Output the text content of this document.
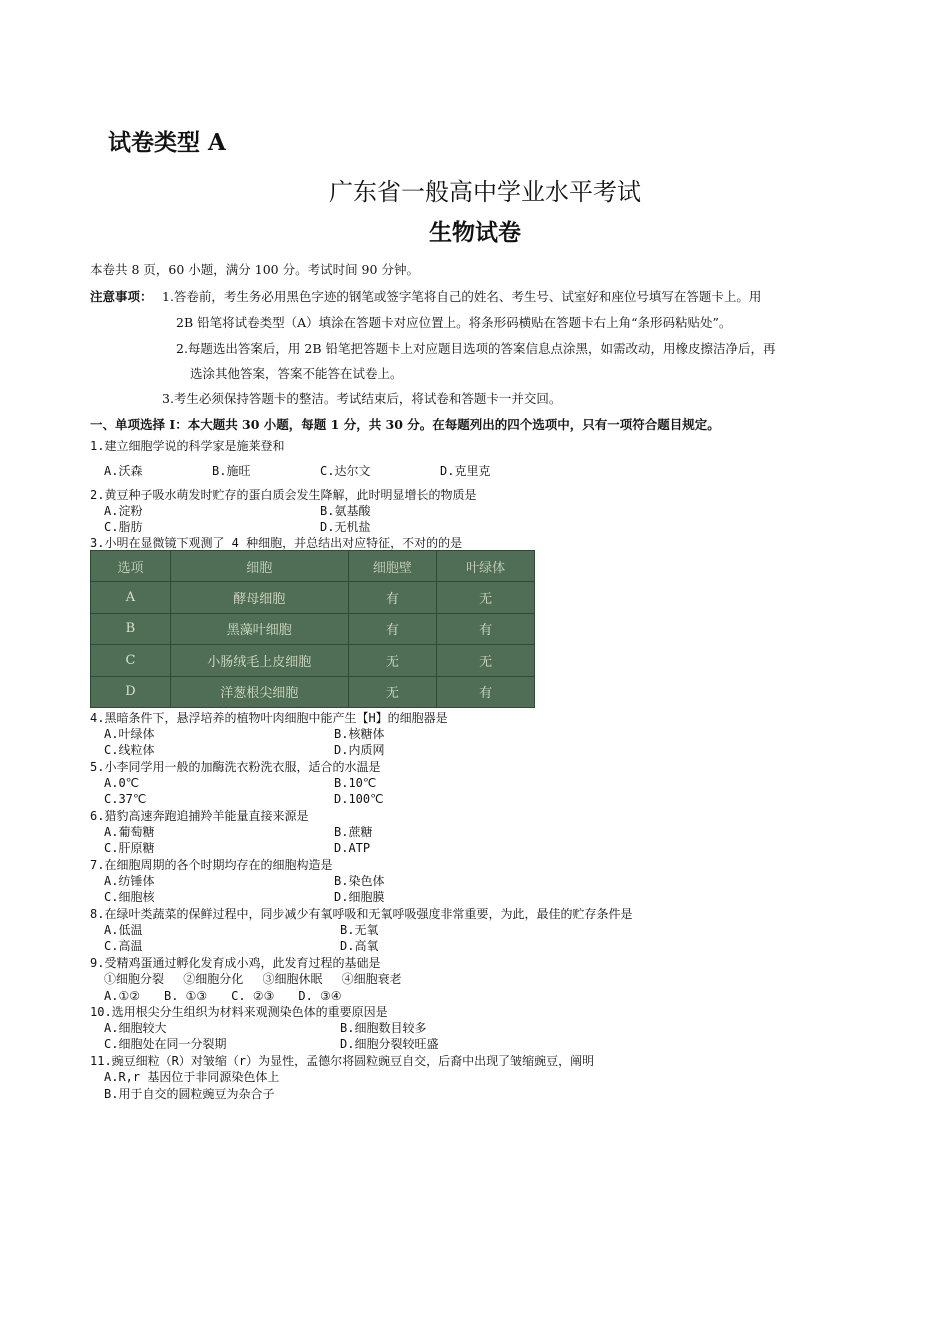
试卷类型 A
广东省一般高中学业水平考试
生物试卷
本卷共 8 页，60 小题，满分 100 分。考试时间 90 分钟。
注意事项： 1.答卷前，考生务必用黑色字迹的钢笔或签字笔将自己的姓名、考生号、试室好和座位号填写在答题卡上。用
2B 铅笔将试卷类型（A）填涂在答题卡对应位置上。将条形码横贴在答题卡右上角“条形码粘贴处”。
2.每题选出答案后，用 2B 铅笔把答题卡上对应题目选项的答案信息点涂黑，如需改动，用橡皮擦洁净后，再
选涂其他答案，答案不能答在试卷上。
3.考生必须保持答题卡的整洁。考试结束后，将试卷和答题卡一并交回。
一、单项选择 I：本大题共 30 小题，每题 1 分，共 30 分。在每题列出的四个选项中，只有一项符合题目规定。
1.建立细胞学说的科学家是施莱登和
A.沃森	B.施旺	C.达尔文	D.克里克
2.黄豆种子吸水萌发时贮存的蛋白质会发生降解，此时明显增长的物质是
A.淀粉	B.氨基酸
C.脂肪	D.无机盐
3.小明在显微镜下观测了 4 种细胞，并总结出对应特征，不对的的是
选项	细胞	细胞壁	叶绿体
A	酵母细胞	有	无
B	黑藻叶细胞	有	有
C	小肠绒毛上皮细胞	无	无
D	洋葱根尖细胞	无	有
4.黑暗条件下，悬浮培养的植物叶肉细胞中能产生【H】的细胞器是
A.叶绿体	B.核糖体
C.线粒体	D.内质网
5.小李同学用一般的加酶洗衣粉洗衣服，适合的水温是
A.0℃	B.10℃
C.37℃	D.100℃
6.猎豹高速奔跑追捕羚羊能量直接来源是
A.葡萄糖	B.蔗糖
C.肝原糖	D.ATP
7.在细胞周期的各个时期均存在的细胞构造是
A.纺锤体	B.染色体
C.细胞核	D.细胞膜
8.在绿叶类蔬菜的保鲜过程中，同步减少有氧呼吸和无氧呼吸强度非常重要，为此，最佳的贮存条件是
A.低温	B.无氧
C.高温	D.高氧
9.受精鸡蛋通过孵化发育成小鸡，此发育过程的基础是
①细胞分裂　 ②细胞分化　 ③细胞休眠　 ④细胞衰老
A.①②　　B. ①③　　C. ②③　　D. ③④
10.选用根尖分生组织为材料来观测染色体的重要原因是
A.细胞较大	B.细胞数目较多
C.细胞处在同一分裂期	D.细胞分裂较旺盛
11.豌豆细粒（R）对皱缩（r）为显性，孟德尔将圆粒豌豆自交，后裔中出现了皱缩豌豆，阐明
A.R,r 基因位于非同源染色体上
B.用于自交的圆粒豌豆为杂合子
